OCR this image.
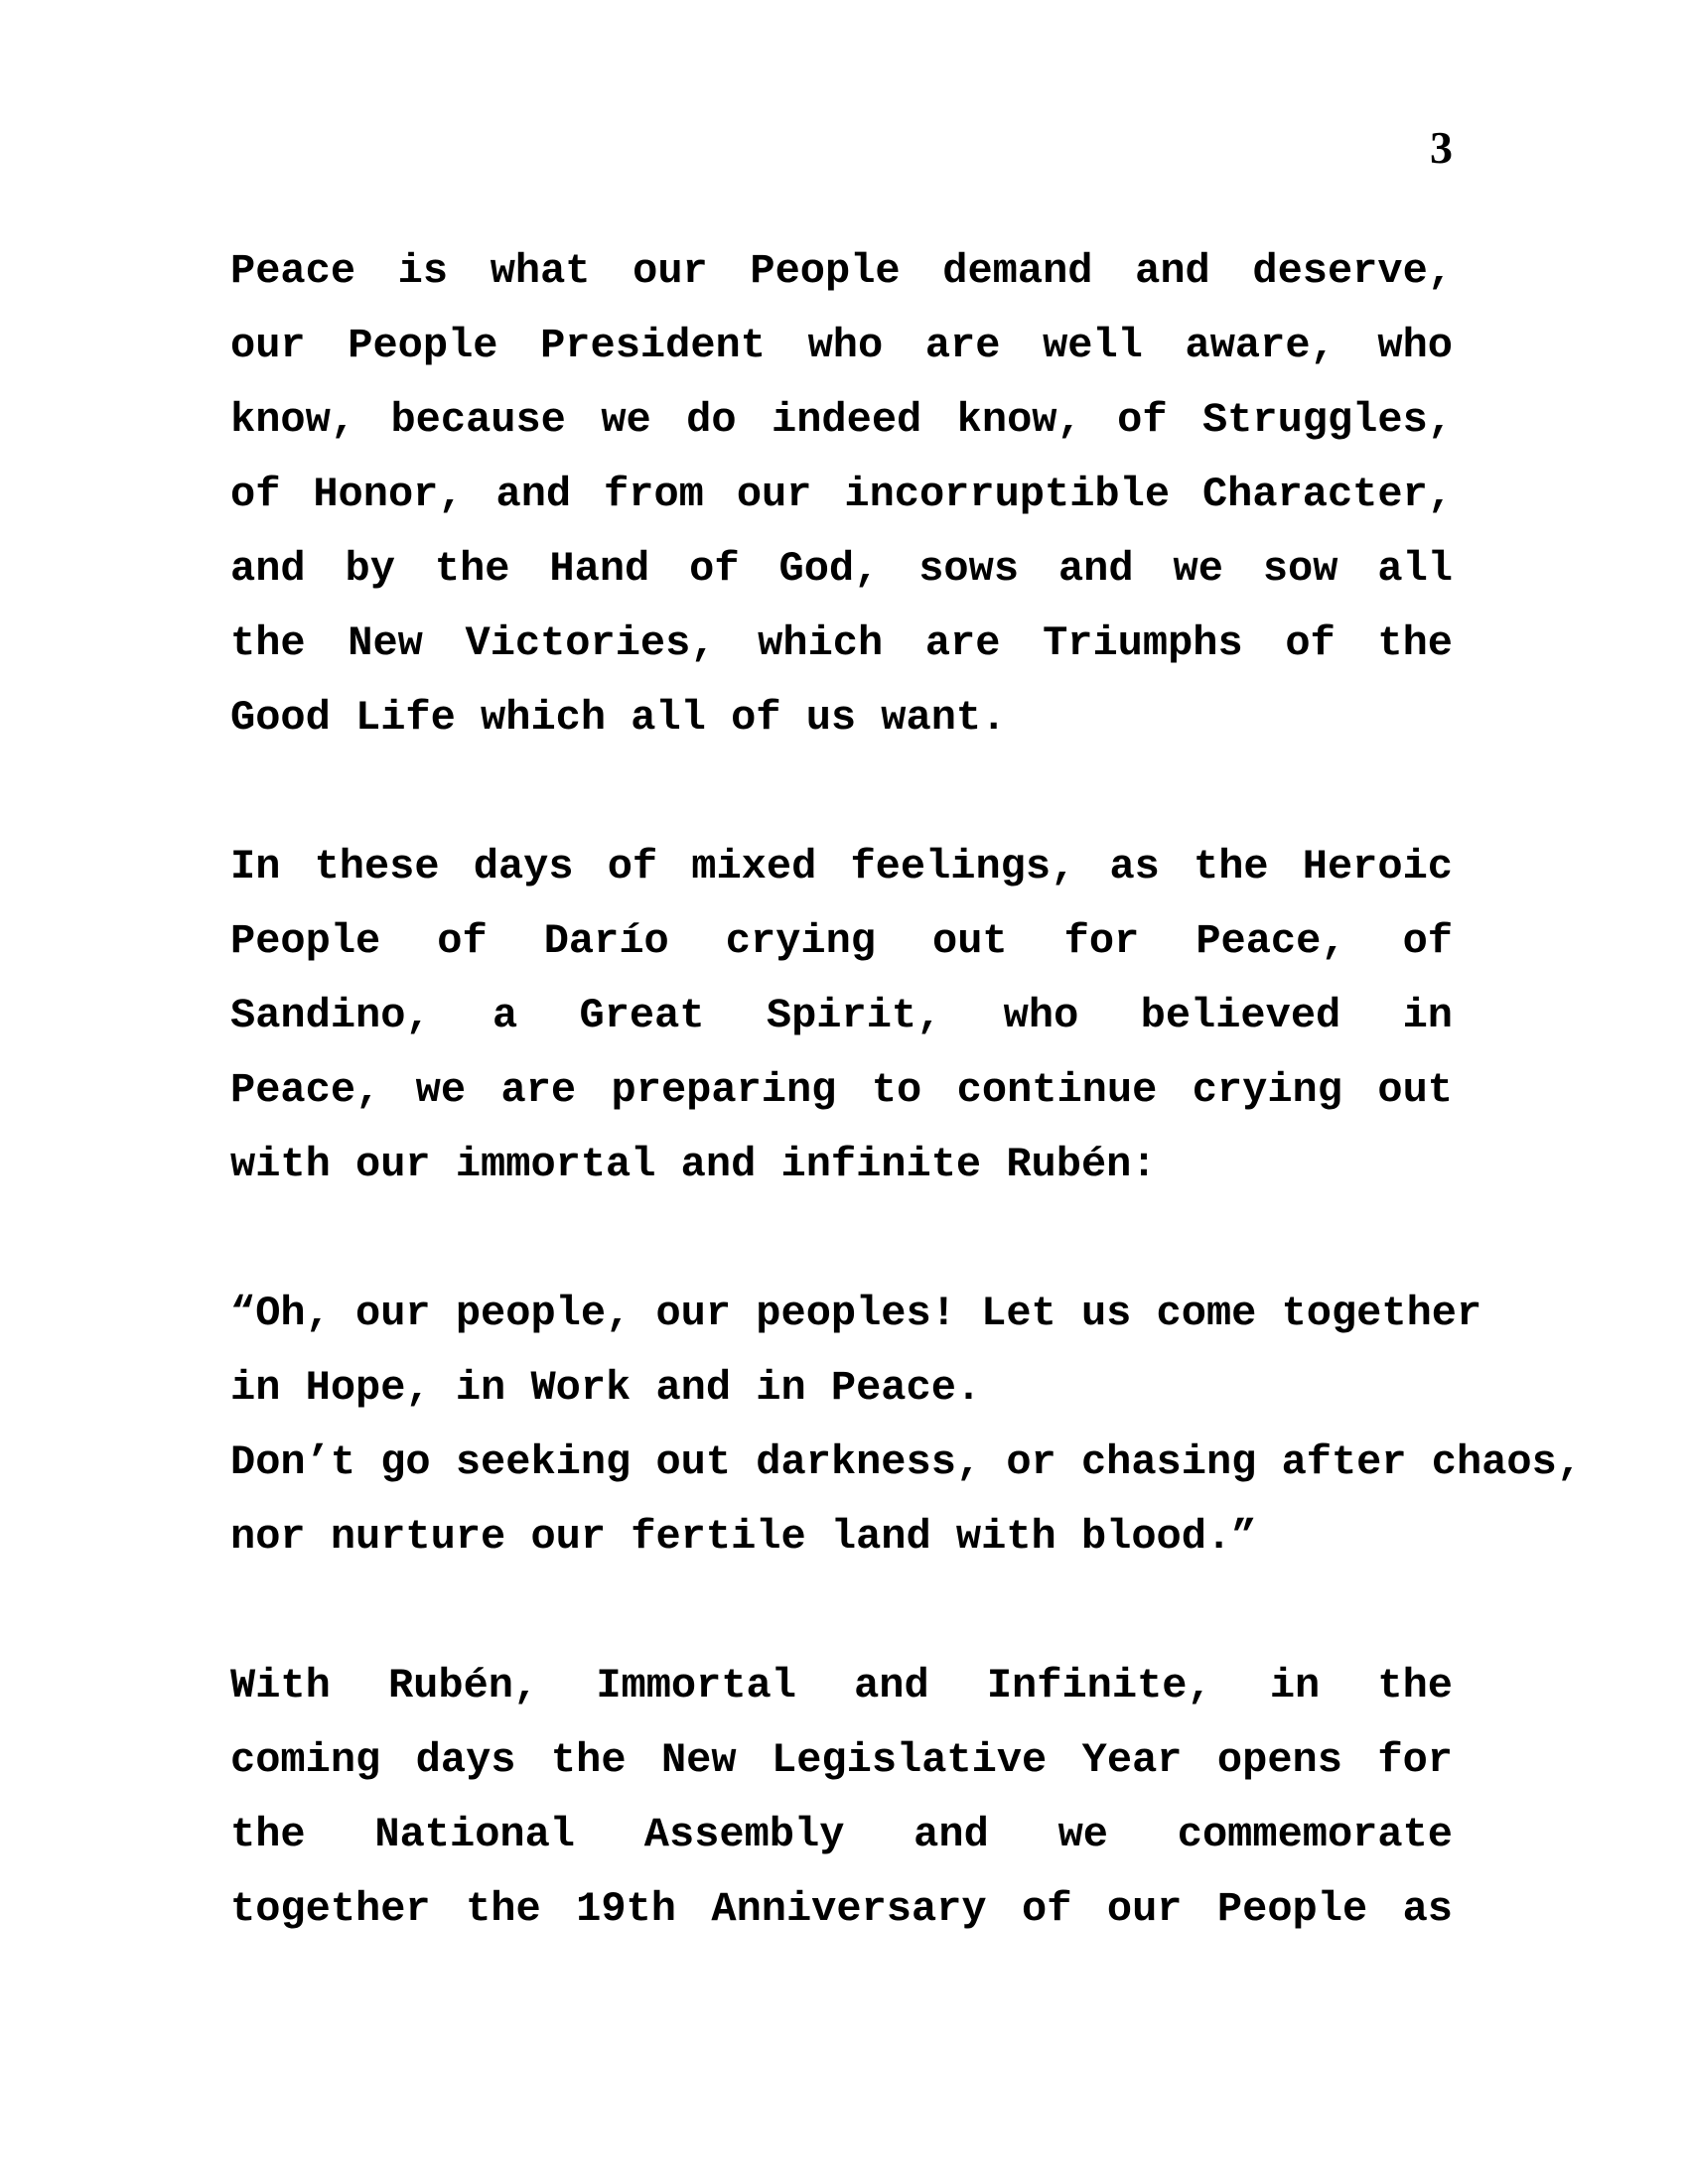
3
Peace is what our People demand and deserve,
our People President who are well aware, who
know, because we do indeed know, of Struggles,
of Honor, and from our incorruptible Character,
and by the Hand of God, sows and we sow all
the New Victories, which are Triumphs of the
Good Life which all of us want.
In these days of mixed feelings, as the Heroic
People of Darío crying out for Peace, of
Sandino, a Great Spirit, who believed in
Peace, we are preparing to continue crying out
with our immortal and infinite Rubén:
“Oh, our people, our peoples! Let us come together
in Hope, in Work and in Peace.
Don’t go seeking out darkness, or chasing after chaos,
nor nurture our fertile land with blood.”
With Rubén, Immortal and Infinite, in the
coming days the New Legislative Year opens for
the National Assembly and we commemorate
together the 19th Anniversary of our People as
